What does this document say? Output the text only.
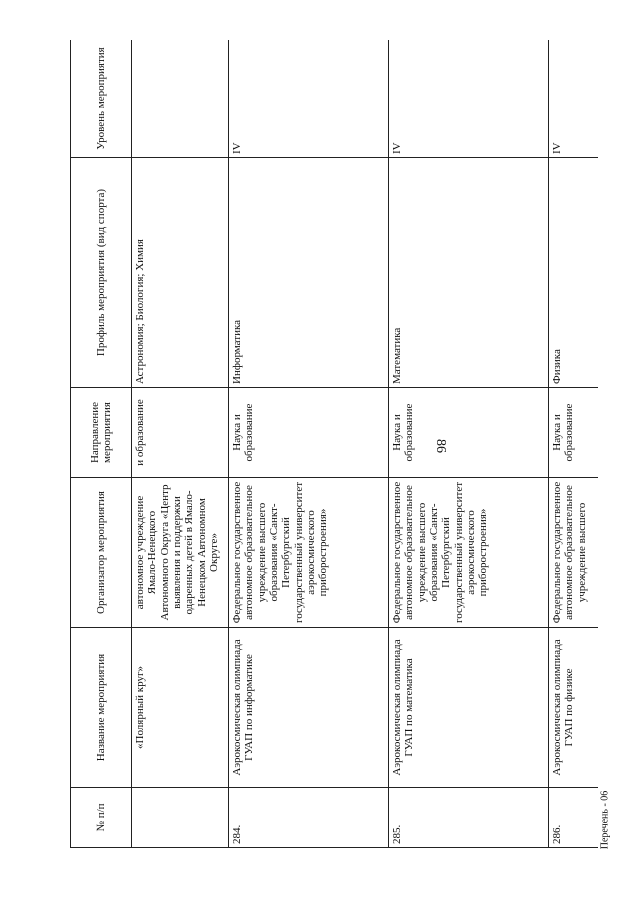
86
№ п/п	Название мероприятия	Организатор мероприятия	Направление мероприятия	Профиль мероприятия (вид спорта)	Уровень мероприятия
	«Полярный круг»	автономное учреждение Ямало-Ненецкого Автономного Округа «Центр выявления и поддержки одаренных детей в Ямало-Ненецком Автономном Округе»	и образование	Астрономия; Биология; Химия	
284.	Аэрокосмическая олимпиада ГУАП по информатике	Федеральное государственное автономное образовательное учреждение высшего образования «Санкт-Петербургский государственный университет аэрокосмического приборостроения»	Наука и образование	Информатика	IV
285.	Аэрокосмическая олимпиада ГУАП по математика	Федеральное государственное автономное образовательное учреждение высшего образования «Санкт-Петербургский государственный университет аэрокосмического приборостроения»	Наука и образование	Математика	IV
286.	Аэрокосмическая олимпиада ГУАП по физике	Федеральное государственное автономное образовательное учреждение высшего	Наука и образование	Физика	IV
Перечень - 06
